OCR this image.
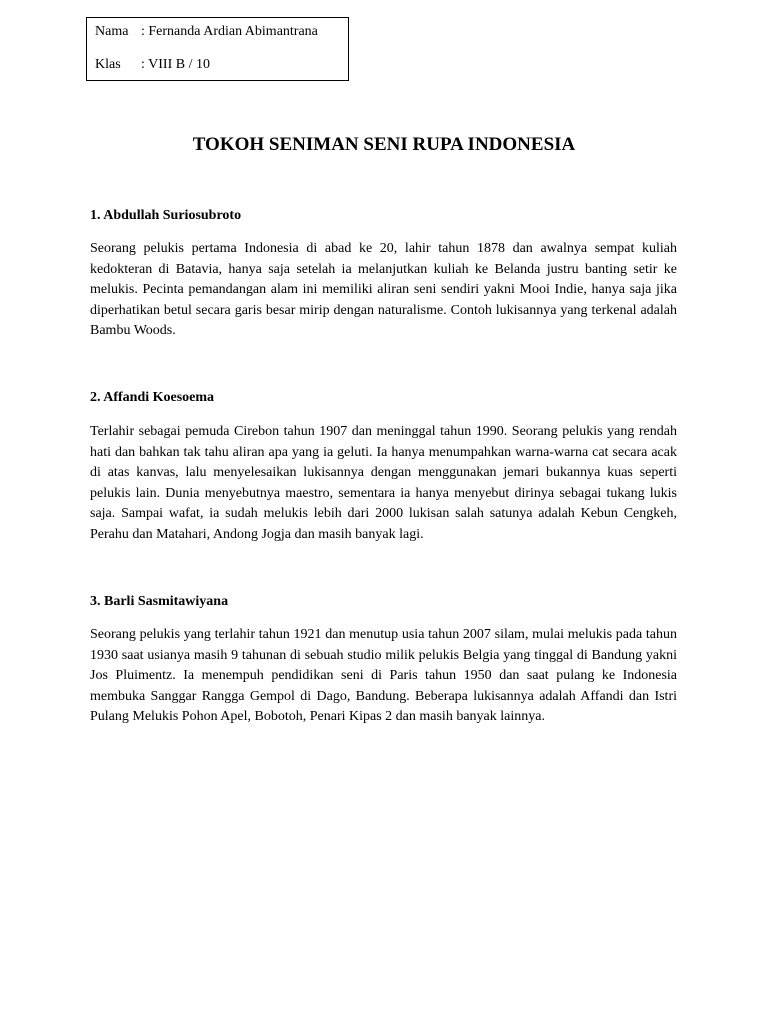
Nama : Fernanda Ardian Abimantrana
Klas	: VIII B / 10
TOKOH SENIMAN SENI RUPA INDONESIA
1. Abdullah Suriosubroto

Seorang pelukis pertama Indonesia di abad ke 20, lahir tahun 1878 dan awalnya sempat kuliah kedokteran di Batavia, hanya saja setelah ia melanjutkan kuliah ke Belanda justru banting setir ke melukis. Pecinta pemandangan alam ini memiliki aliran seni sendiri yakni Mooi Indie, hanya saja jika diperhatikan betul secara garis besar mirip dengan naturalisme. Contoh lukisannya yang terkenal adalah Bambu Woods.

2. Affandi Koesoema

Terlahir sebagai pemuda Cirebon tahun 1907 dan meninggal tahun 1990. Seorang pelukis yang rendah hati dan bahkan tak tahu aliran apa yang ia geluti. Ia hanya menumpahkan warna-warna cat secara acak di atas kanvas, lalu menyelesaikan lukisannya dengan menggunakan jemari bukannya kuas seperti pelukis lain. Dunia menyebutnya maestro, sementara ia hanya menyebut dirinya sebagai tukang lukis saja. Sampai wafat, ia sudah melukis lebih dari 2000 lukisan salah satunya adalah Kebun Cengkeh, Perahu dan Matahari, Andong Jogja dan masih banyak lagi.

3. Barli Sasmitawiyana

Seorang pelukis yang terlahir tahun 1921 dan menutup usia tahun 2007 silam, mulai melukis pada tahun 1930 saat usianya masih 9 tahunan di sebuah studio milik pelukis Belgia yang tinggal di Bandung yakni Jos Pluimentz. Ia menempuh pendidikan seni di Paris tahun 1950 dan saat pulang ke Indonesia membuka Sanggar Rangga Gempol di Dago, Bandung. Beberapa lukisannya adalah Affandi dan Istri Pulang Melukis Pohon Apel, Bobotoh, Penari Kipas 2 dan masih banyak lainnya.
